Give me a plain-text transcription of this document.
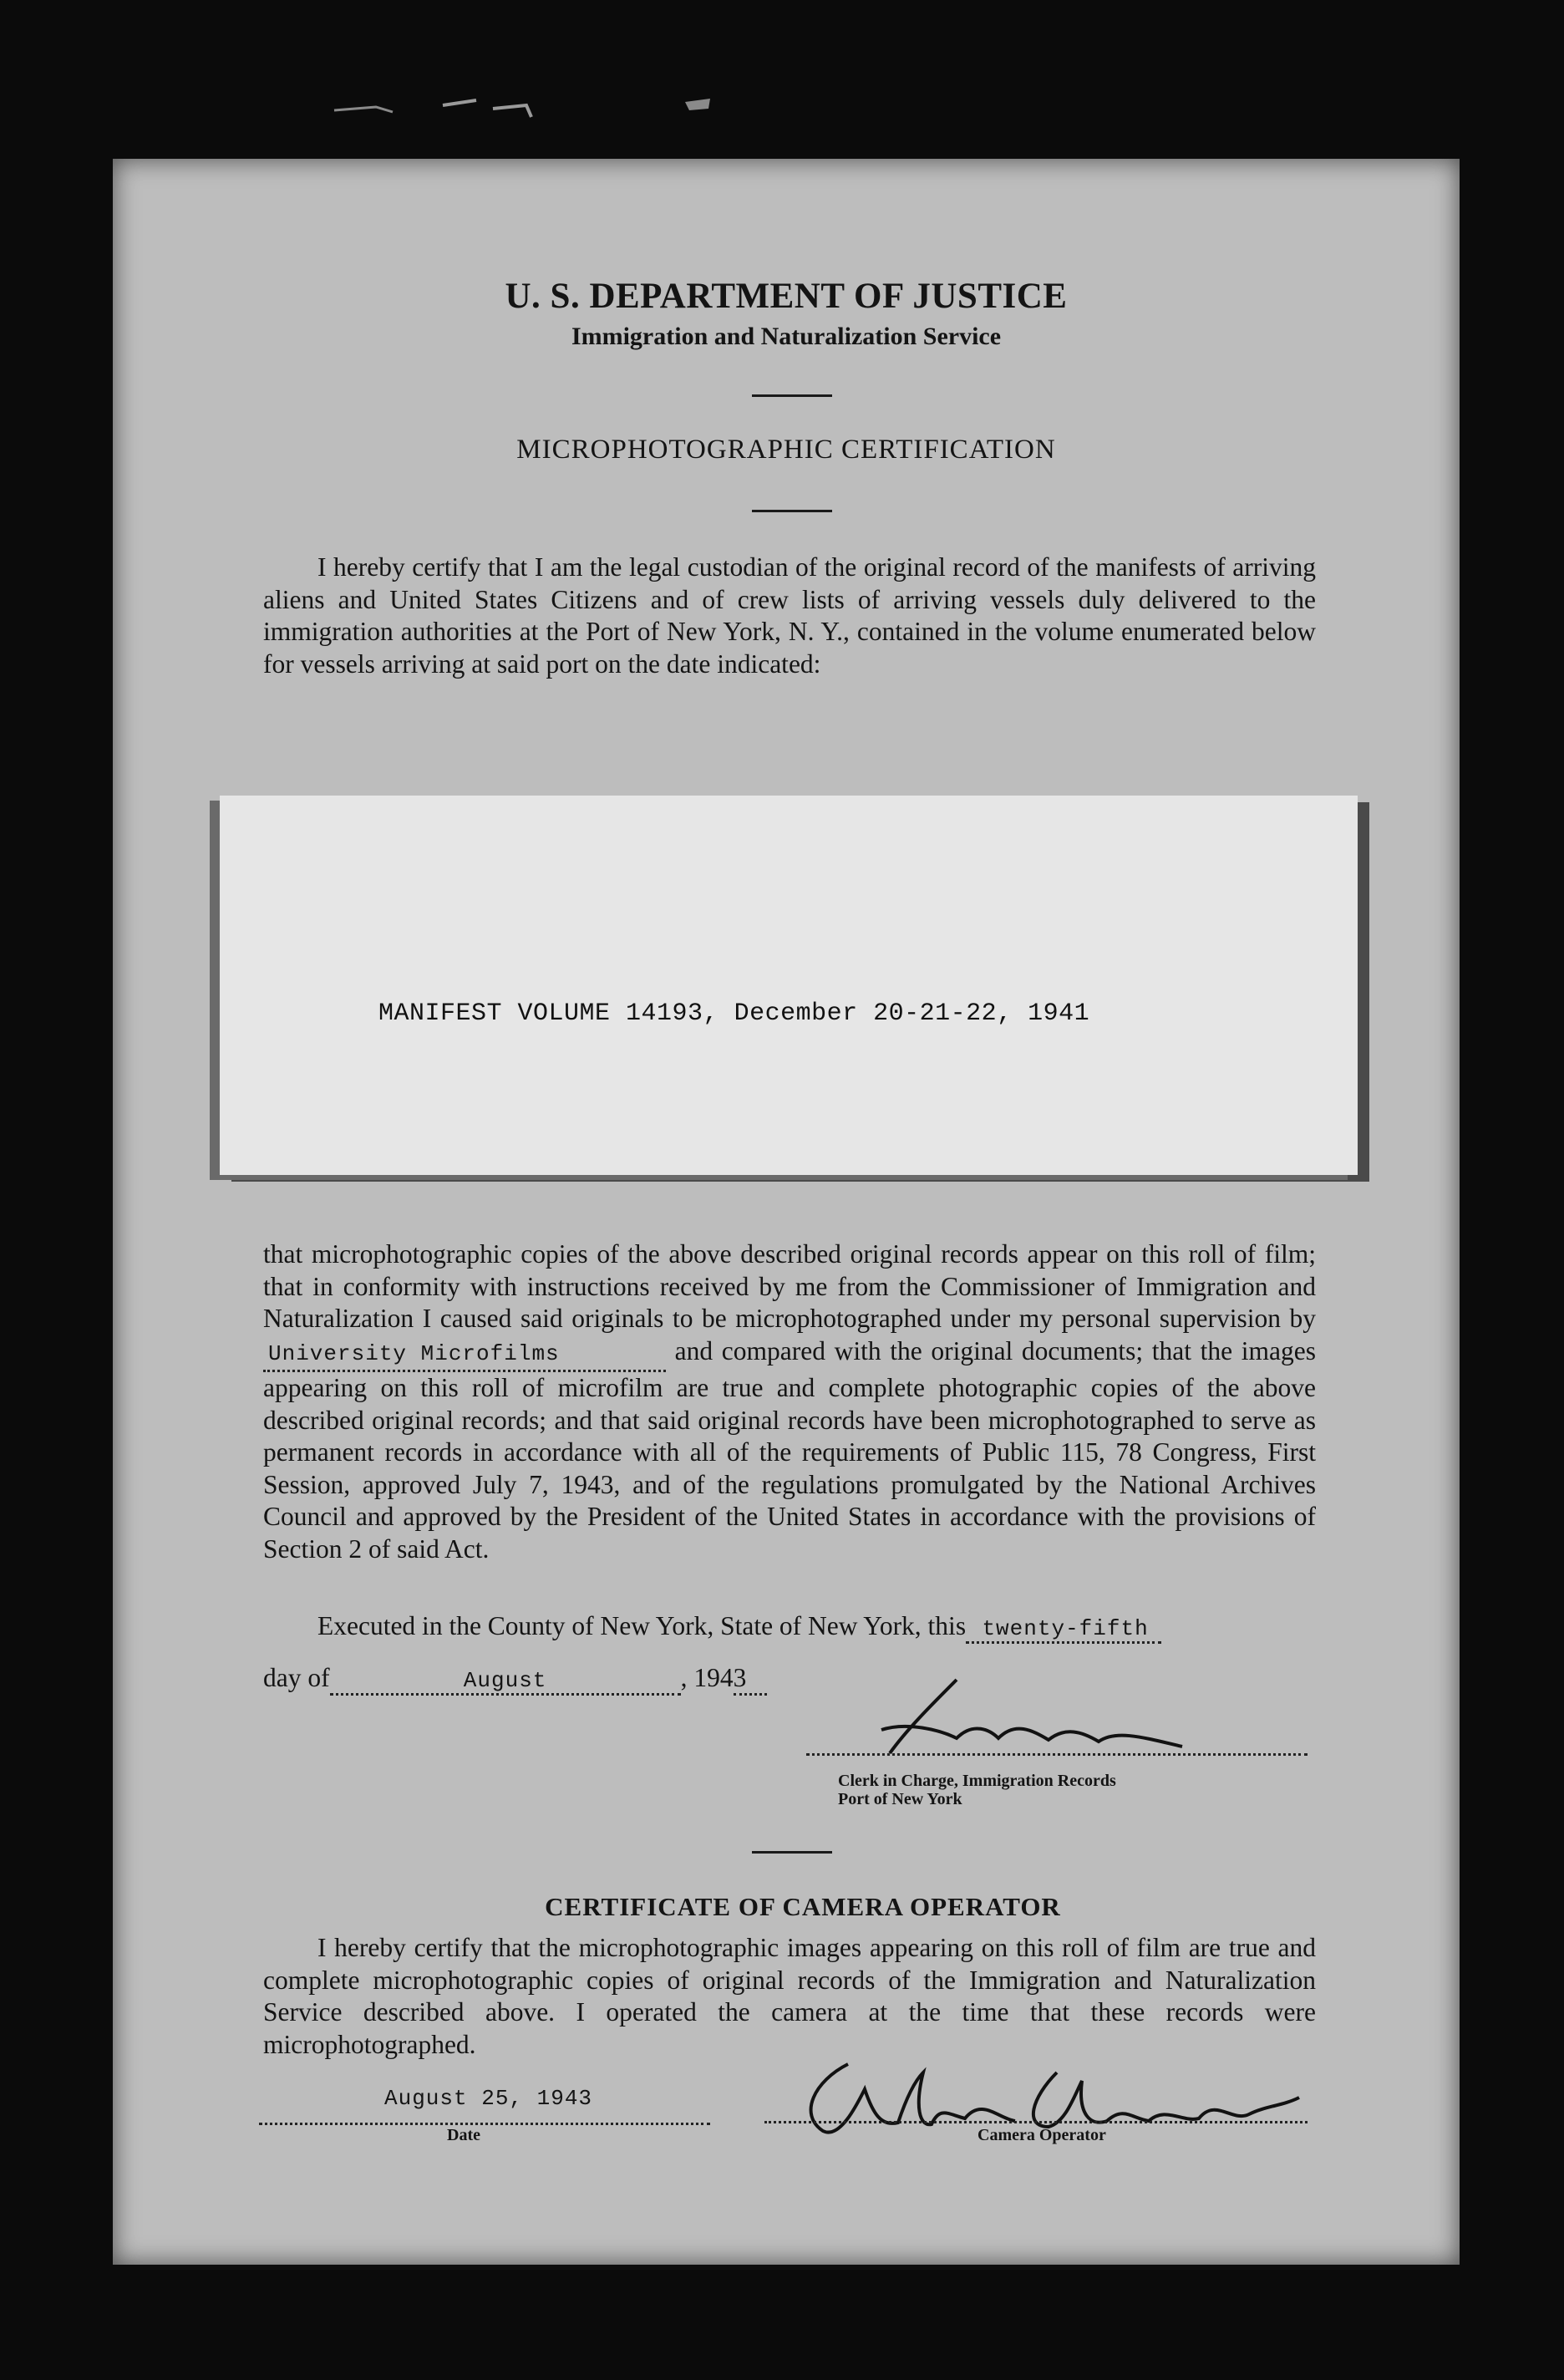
U. S. DEPARTMENT OF JUSTICE
Immigration and Naturalization Service
MICROPHOTOGRAPHIC CERTIFICATION
I hereby certify that I am the legal custodian of the original record of the manifests of arriving aliens and United States Citizens and of crew lists of arriving vessels duly delivered to the immigration authorities at the Port of New York, N. Y., contained in the volume enumerated below for vessels arriving at said port on the date indicated:
MANIFEST VOLUME 14193, December 20-21-22, 1941
that microphotographic copies of the above described original records appear on this roll of film; that in conformity with instructions received by me from the Commissioner of Immigration and Naturalization I caused said originals to be microphotographed under my personal supervision by University Microfilms	and compared with the original documents; that the images appearing on this roll of microfilm are true and complete photographic copies of the above described original records; and that said original records have been microphotographed to serve as permanent records in accordance with all of the requirements of Public 115, 78 Congress, First Session, approved July 7, 1943, and of the regulations promulgated by the National Archives Council and approved by the President of the United States in accordance with the provisions of Section 2 of said Act.
Executed in the County of New York, State of New York, this twenty-fifth
day of	August	, 1943
Clerk in Charge, Immigration Records
Port of New York
CERTIFICATE OF CAMERA OPERATOR
I hereby certify that the microphotographic images appearing on this roll of film are true and complete microphotographic copies of original records of the Immigration and Naturalization Service described above. I operated the camera at the time that these records were microphotographed.
August 25, 1943
Date	Camera Operator
